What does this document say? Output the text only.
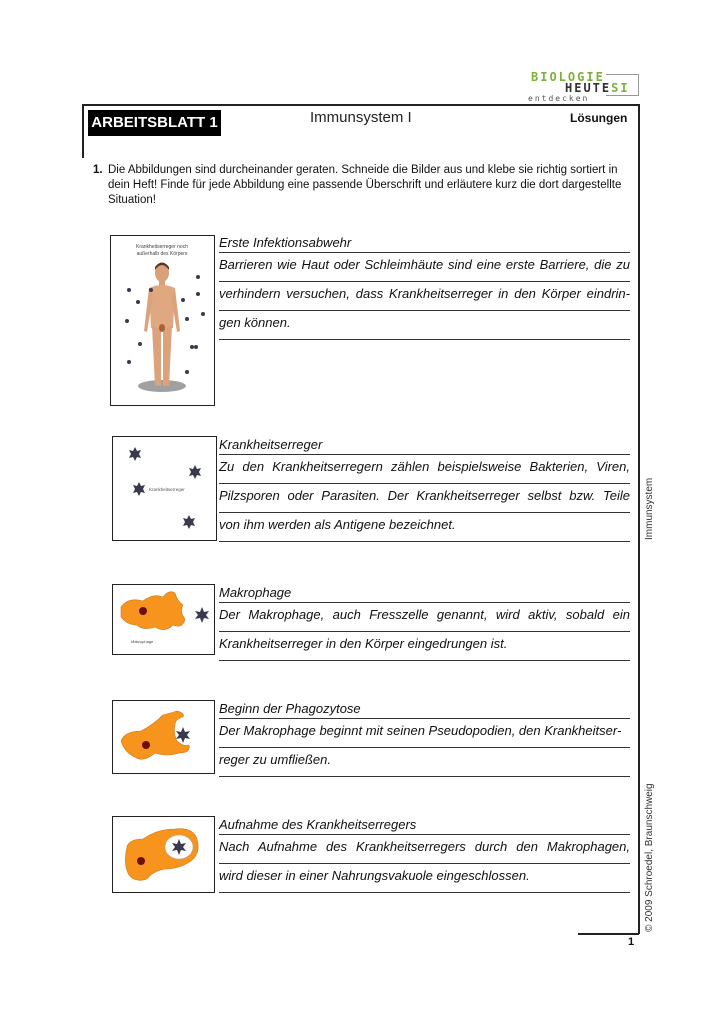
BIOLOGIE
HEUTESI
entdecken
ARBEITSBLATT 1	Immunsystem I	Lösungen
1. Die Abbildungen sind durcheinander geraten. Schneide die Bilder aus und klebe sie richtig sortiert in dein Heft! Finde für jede Abbildung eine passende Überschrift und erläutere kurz die dort dargestellte Situation!
Krankheitserreger noch
außerhalb des Körpers
Erste Infektionsabwehr
Barrieren wie Haut oder Schleimhäute sind eine erste Barriere, die zu
verhindern versuchen, dass Krankheitserreger in den Körper eindrin-
gen können.
Krankheitserreger
Krankheitserreger
Zu den Krankheitserregern zählen beispielsweise Bakterien, Viren,
Pilzsporen oder Parasiten. Der Krankheitserreger selbst bzw. Teile
von ihm werden als Antigene bezeichnet.
Makrophage
Makrophage
Der Makrophage, auch Fresszelle genannt, wird aktiv, sobald ein
Krankheitserreger in den Körper eingedrungen ist.
Beginn der Phagozytose
Der Makrophage beginnt mit seinen Pseudopodien, den Krankheitser-
reger zu umfließen.
Aufnahme des Krankheitserregers
Nach Aufnahme des Krankheitserregers durch den Makrophagen,
wird dieser in einer Nahrungsvakuole eingeschlossen.
Immunsystem
© 2009 Schroedel, Braunschweig
1
